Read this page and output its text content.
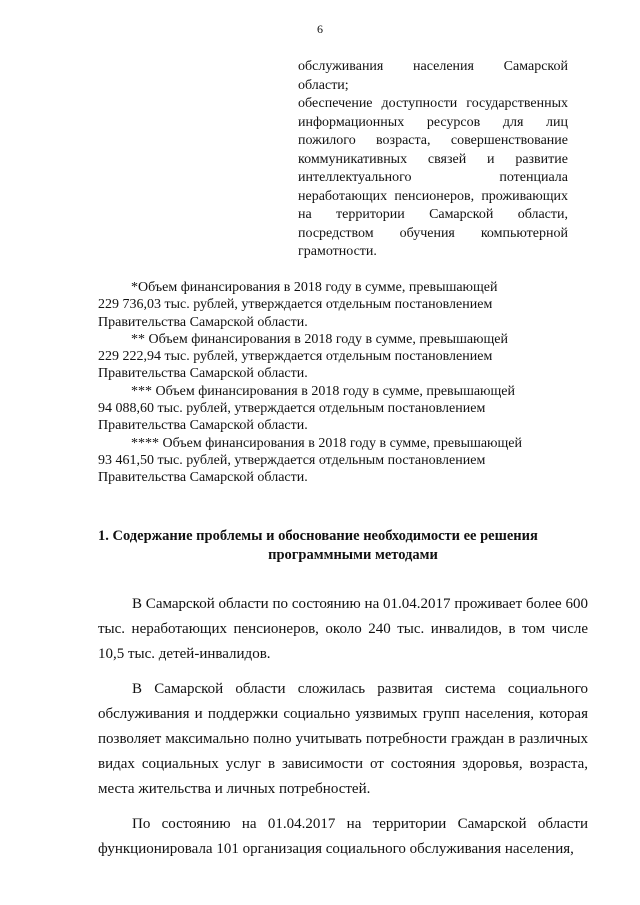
6

обслуживания населения Самарской области;

обеспечение доступности государственных информационных ресурсов для лиц пожилого возраста, совершенствование коммуникативных связей и развитие интеллектуального потенциала неработающих пенсионеров, проживающих на территории Самарской области, посредством обучения компьютерной грамотности.

*Объем финансирования в 2018 году в сумме, превышающей
229 736,03 тыс. рублей, утверждается отдельным постановлением
Правительства Самарской области.
** Объем финансирования в 2018 году в сумме, превышающей
229 222,94 тыс. рублей, утверждается отдельным постановлением
Правительства Самарской области.
*** Объем финансирования в 2018 году в сумме, превышающей
94 088,60 тыс. рублей, утверждается отдельным постановлением
Правительства Самарской области.
**** Объем финансирования в 2018 году в сумме, превышающей
93 461,50 тыс. рублей, утверждается отдельным постановлением
Правительства Самарской области.
1. Содержание проблемы и обоснование необходимости ее решения
программными методами

В Самарской области по состоянию на 01.04.2017 проживает более 600 тыс. неработающих пенсионеров, около 240 тыс. инвалидов, в том числе 10,5 тыс. детей-инвалидов.

В Самарской области сложилась развитая система социального обслуживания и поддержки социально уязвимых групп населения, которая позволяет максимально полно учитывать потребности граждан в различных видах социальных услуг в зависимости от состояния здоровья, возраста, места жительства и личных потребностей.

По состоянию на 01.04.2017 на территории Самарской области функционировала 101 организация социального обслуживания населения,
